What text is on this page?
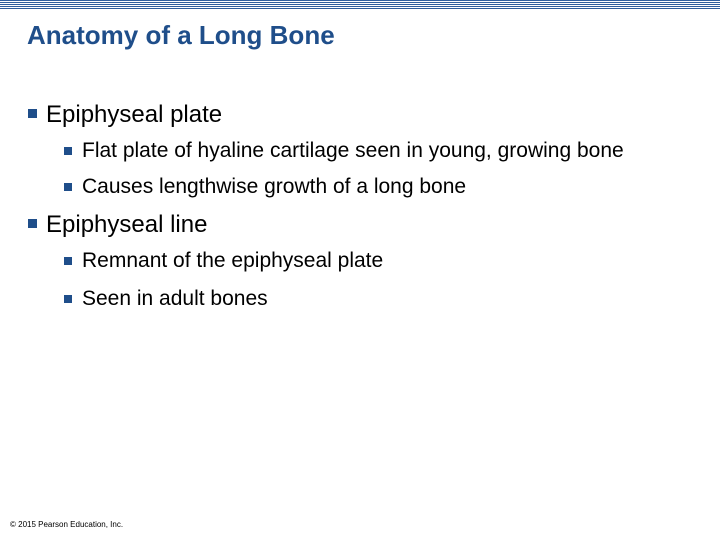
Anatomy of a Long Bone
Epiphyseal plate
Flat plate of hyaline cartilage seen in young, growing bone
Causes lengthwise growth of a long bone
Epiphyseal line
Remnant of the epiphyseal plate
Seen in adult bones
© 2015 Pearson Education, Inc.
